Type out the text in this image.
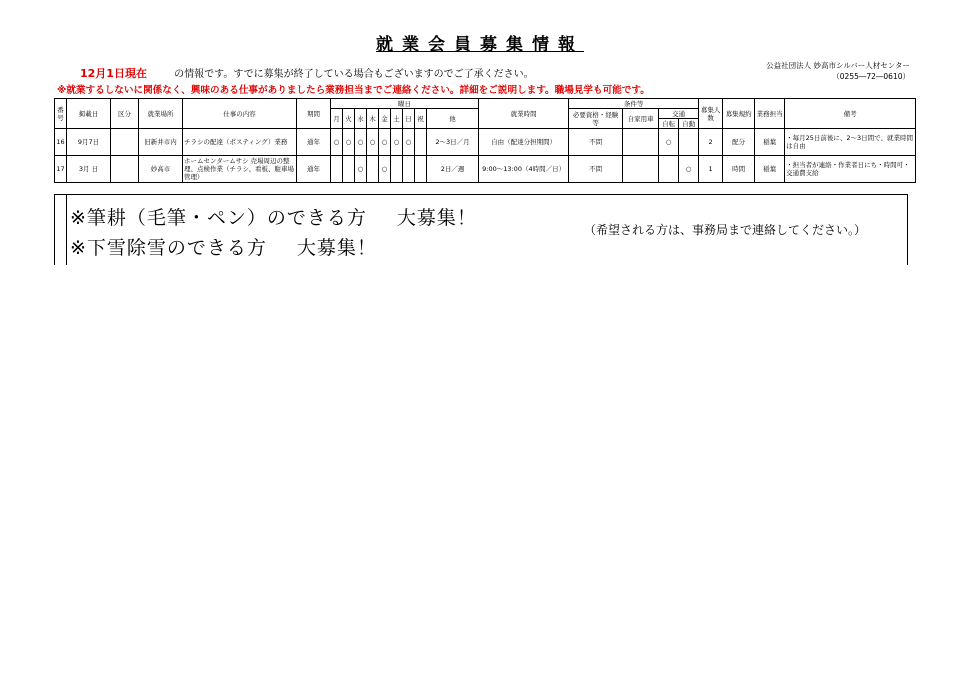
就業会員募集情報
12月1日現在	の情報です。すでに募集が終了している場合もございますのでご了承ください。
公益社団法人 妙高市シルバー人材センター
（0255―72―0610）
※就業するしないに関係なく、興味のある仕事がありましたら業務担当までご連絡ください。詳細をご説明します。職場見学も可能です。
番号	掲載日	区分	就業場所	仕事の内容	期間	曜日									就業時間	条件等				募集人数	募集規約	業務担当	備考
						月	火	水	木	金	土	日	祝	他		必要資格・経験等	自家用車	交通					
																		自転	自動				
16	9月7日		旧新井市内	チラシの配達（ポスティング）業務	通年	○	○	○	○	○	○	○		2～3日／月	自由（配達分担期間）	不問		○		2	配分	稲葉	・毎月25日前後に、2～3日間で、就業時間は自由
17	3月 日		妙高市	ホームセンタームサシ 売場周辺の整理、点検作業（チラシ、看板、駐車場管理）	通年			○		○				2日／週	9:00～13:00（4時間／日）	不問			○	1	時間	稲葉	・担当者が連絡・作業者日にち・時間可・交通費支給
※筆耕（毛筆・ペン）のできる方 大募集！
※下雪除雪のできる方 大募集！
（希望される方は、事務局まで連絡してください。）
